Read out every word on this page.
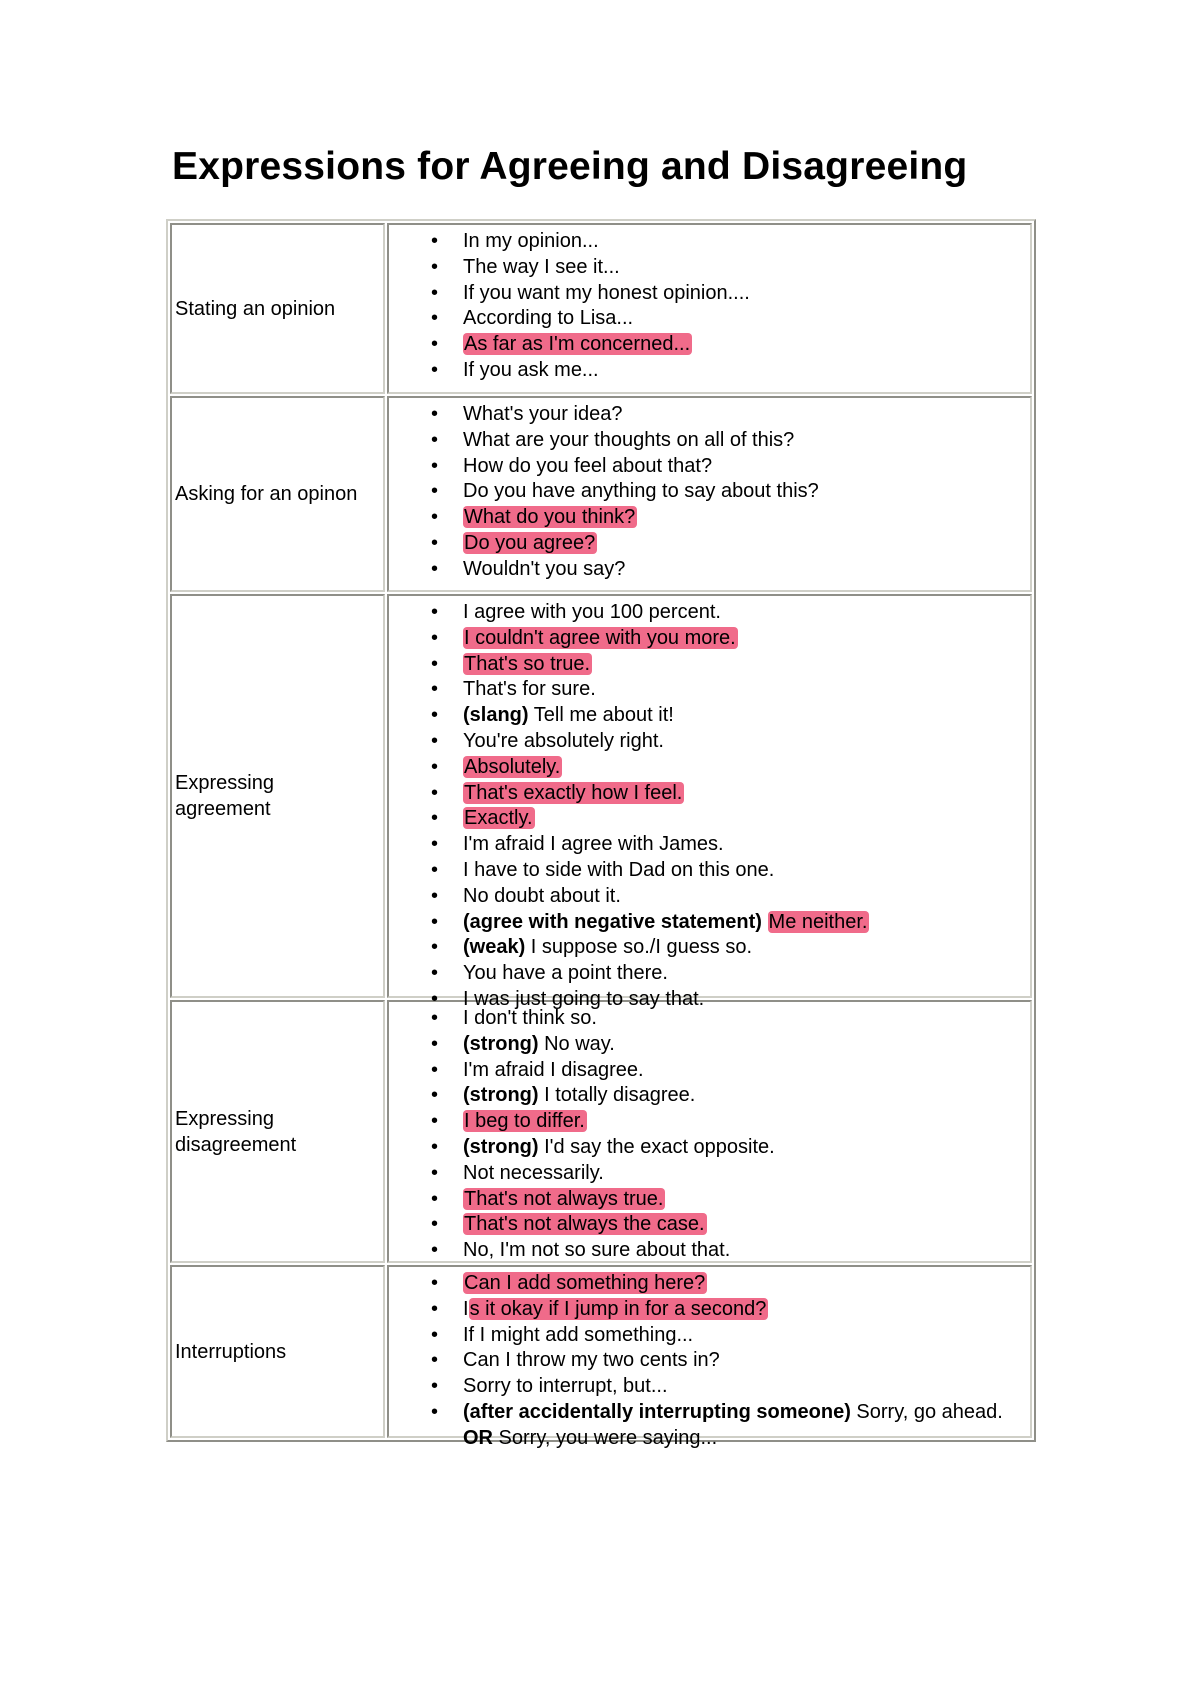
Expressions for Agreeing and Disagreeing
Stating an opinion
• In my opinion...
• The way I see it...
• If you want my honest opinion....
• According to Lisa...
• As far as I'm concerned...
• If you ask me...
Asking for an opinon
• What's your idea?
• What are your thoughts on all of this?
• How do you feel about that?
• Do you have anything to say about this?
• What do you think?
• Do you agree?
• Wouldn't you say?
Expressing agreement
• I agree with you 100 percent.
• I couldn't agree with you more.
• That's so true.
• That's for sure.
• (slang) Tell me about it!
• You're absolutely right.
• Absolutely.
• That's exactly how I feel.
• Exactly.
• I'm afraid I agree with James.
• I have to side with Dad on this one.
• No doubt about it.
• (agree with negative statement) Me neither.
• (weak) I suppose so./I guess so.
• You have a point there.
• I was just going to say that.
Expressing disagreement
• I don't think so.
• (strong) No way.
• I'm afraid I disagree.
• (strong) I totally disagree.
• I beg to differ.
• (strong) I'd say the exact opposite.
• Not necessarily.
• That's not always true.
• That's not always the case.
• No, I'm not so sure about that.
Interruptions
• Can I add something here?
• Is it okay if I jump in for a second?
• If I might add something...
• Can I throw my two cents in?
• Sorry to interrupt, but...
• (after accidentally interrupting someone) Sorry, go ahead. OR Sorry, you were saying...
